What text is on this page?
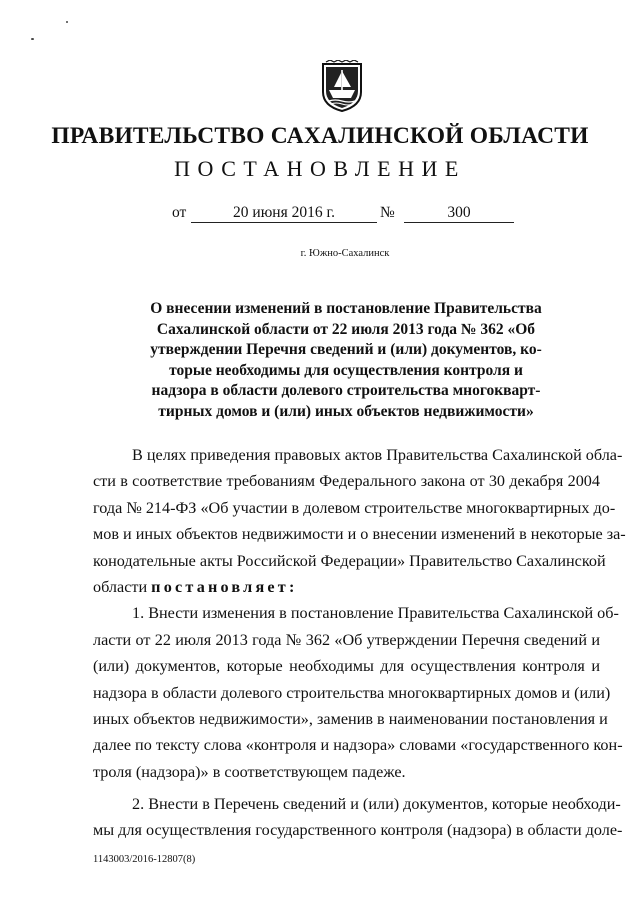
ПРАВИТЕЛЬСТВО САХАЛИНСКОЙ ОБЛАСТИ
ПОСТАНОВЛЕНИЕ
от	20 июня 2016 г.	№	300
г. Южно-Сахалинск
О внесении изменений в постановление Правительства
Сахалинской области от 22 июля 2013 года № 362 «Об
утверждении Перечня сведений и (или) документов, ко-
торые необходимы для осуществления контроля и
надзора в области долевого строительства многокварт-
тирных домов и (или) иных объектов недвижимости»
В целях приведения правовых актов Правительства Сахалинской обла-
сти в соответствие требованиям Федерального закона от 30 декабря 2004
года № 214-ФЗ «Об участии в долевом строительстве многоквартирных до-
мов и иных объектов недвижимости и о внесении изменений в некоторые за-
конодательные акты Российской Федерации» Правительство Сахалинской
области постановляет:
1. Внести изменения в постановление Правительства Сахалинской об-
ласти от 22 июля 2013 года № 362 «Об утверждении Перечня сведений и
(или) документов, которые необходимы для осуществления контроля и
надзора в области долевого строительства многоквартирных домов и (или)
иных объектов недвижимости», заменив в наименовании постановления и
далее по тексту слова «контроля и надзора» словами «государственного кон-
троля (надзора)» в соответствующем падеже.
2. Внести в Перечень сведений и (или) документов, которые необходи-
мы для осуществления государственного контроля (надзора) в области доле-
1143003/2016-12807(8)
